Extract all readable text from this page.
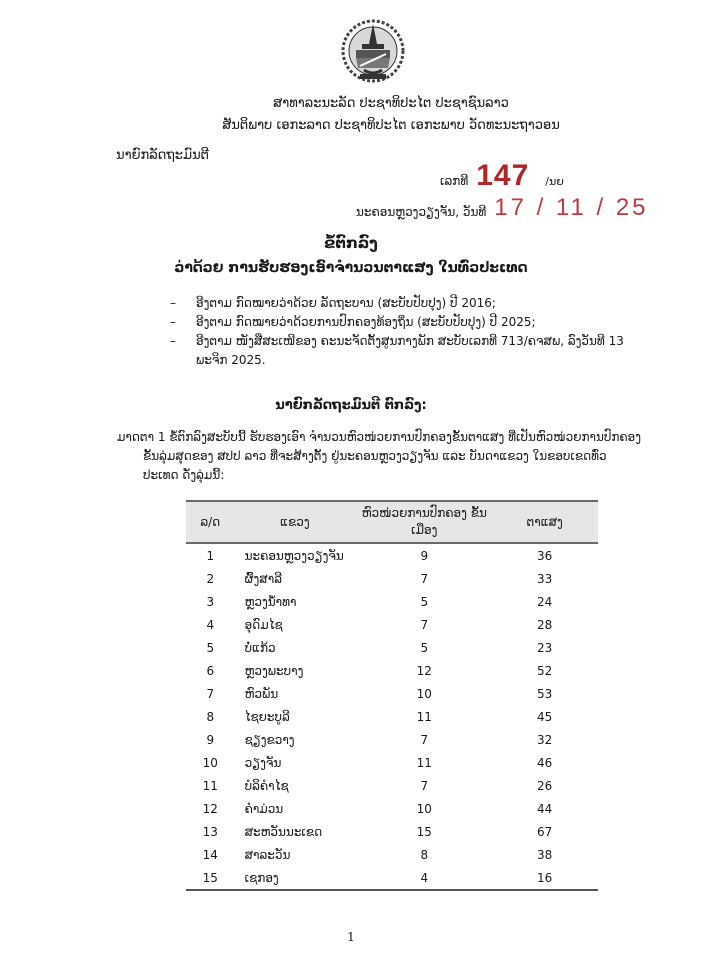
ສາທາລະນະລັດ ປະຊາທິປະໄຕ ປະຊາຊົນລາວ
ສັນຕິພາບ ເອກະລາດ ປະຊາທິປະໄຕ ເອກະພາບ ວັດທະນະຖາວອນ
ນາຍົກລັດຖະມົນຕີ
ເລກທີ 147 /ນຍ
ນະຄອນຫຼວງວຽງຈັນ, ວັນທີ 17 / 11 / 25
ຂໍ້ຕົກລົງ
ວ່າດ້ວຍ ການຮັບຮອງເອົາຈຳນວນຕາແສງ ໃນທົ່ວປະເທດ
–	ອີງຕາມ ກົດໝາຍວ່າດ້ວຍ ລັດຖະບານ (ສະບັບປັບປຸງ) ປີ 2016;
–	ອີງຕາມ ກົດໝາຍວ່າດ້ວຍການປົກຄອງທ້ອງຖິ່ນ (ສະບັບປັບປຸງ) ປີ 2025;
–	ອີງຕາມ ໜັງສືສະເໜີຂອງ ຄະນະຈັດຕັ້ງສູນກາງພັກ ສະບັບເລກທີ 713/ຄຈສພ, ລົງວັນທີ 13
ພະຈິກ 2025.
ນາຍົກລັດຖະມົນຕີ ຕົກລົງ:
ມາດຕາ 1 ຂໍ້ຕົກລົງສະບັບນີ້ ຮັບຮອງເອົາ ຈຳນວນຫົວໜ່ວຍການປົກຄອງຂັ້ນຕາແສງ ທີ່ເປັນຫົວໜ່ວຍການປົກຄອງ
ຂັ້ນລຸ່ມສຸດຂອງ ສປປ ລາວ ທີ່ຈະສ້າງຕັ້ງ ຢູ່ນະຄອນຫຼວງວຽງຈັນ ແລະ ບັນດາແຂວງ ໃນຂອບເຂດທົ່ວ
ປະເທດ ດັ່ງລຸ່ມນີ້:
ລ/ດ	ແຂວງ	ຫົວໜ່ວຍການປົກຄອງ ຂັ້ນເມືອງ	ຕາແສງ
1	ນະຄອນຫຼວງວຽງຈັນ	9	36
2	ຜົ້ງສາລີ	7	33
3	ຫຼວງນ້ຳທາ	5	24
4	ອຸດົມໄຊ	7	28
5	ບໍ່ແກ້ວ	5	23
6	ຫຼວງພະບາງ	12	52
7	ຫົວພັນ	10	53
8	ໄຊຍະບູລີ	11	45
9	ຊຽງຂວາງ	7	32
10	ວຽງຈັນ	11	46
11	ບໍລິຄຳໄຊ	7	26
12	ຄຳມ່ວນ	10	44
13	ສະຫວັນນະເຂດ	15	67
14	ສາລະວັນ	8	38
15	ເຊກອງ	4	16
1
